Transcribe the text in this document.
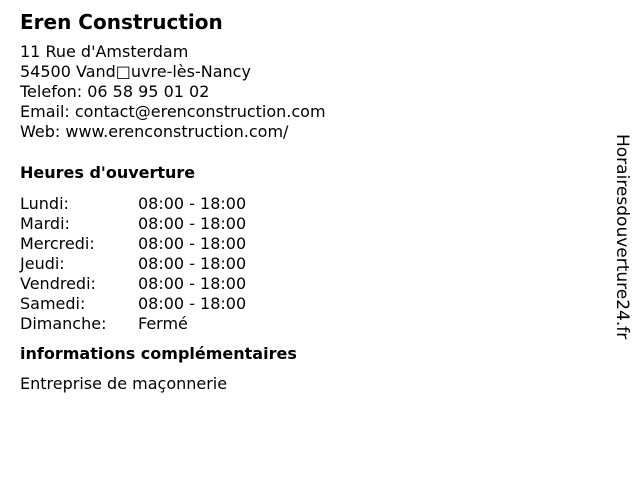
Eren Construction
11 Rue d'Amsterdam
54500 Vand□uvre-lès-Nancy
Telefon: 06 58 95 01 02
Email: contact@erenconstruction.com
Web: www.erenconstruction.com/
Heures d'ouverture
Lundi:	08:00 - 18:00
Mardi:	08:00 - 18:00
Mercredi:	08:00 - 18:00
Jeudi:	08:00 - 18:00
Vendredi:	08:00 - 18:00
Samedi:	08:00 - 18:00
Dimanche:	Fermé
informations complémentaires
Entreprise de maçonnerie
Horairesdouverture24.fr
